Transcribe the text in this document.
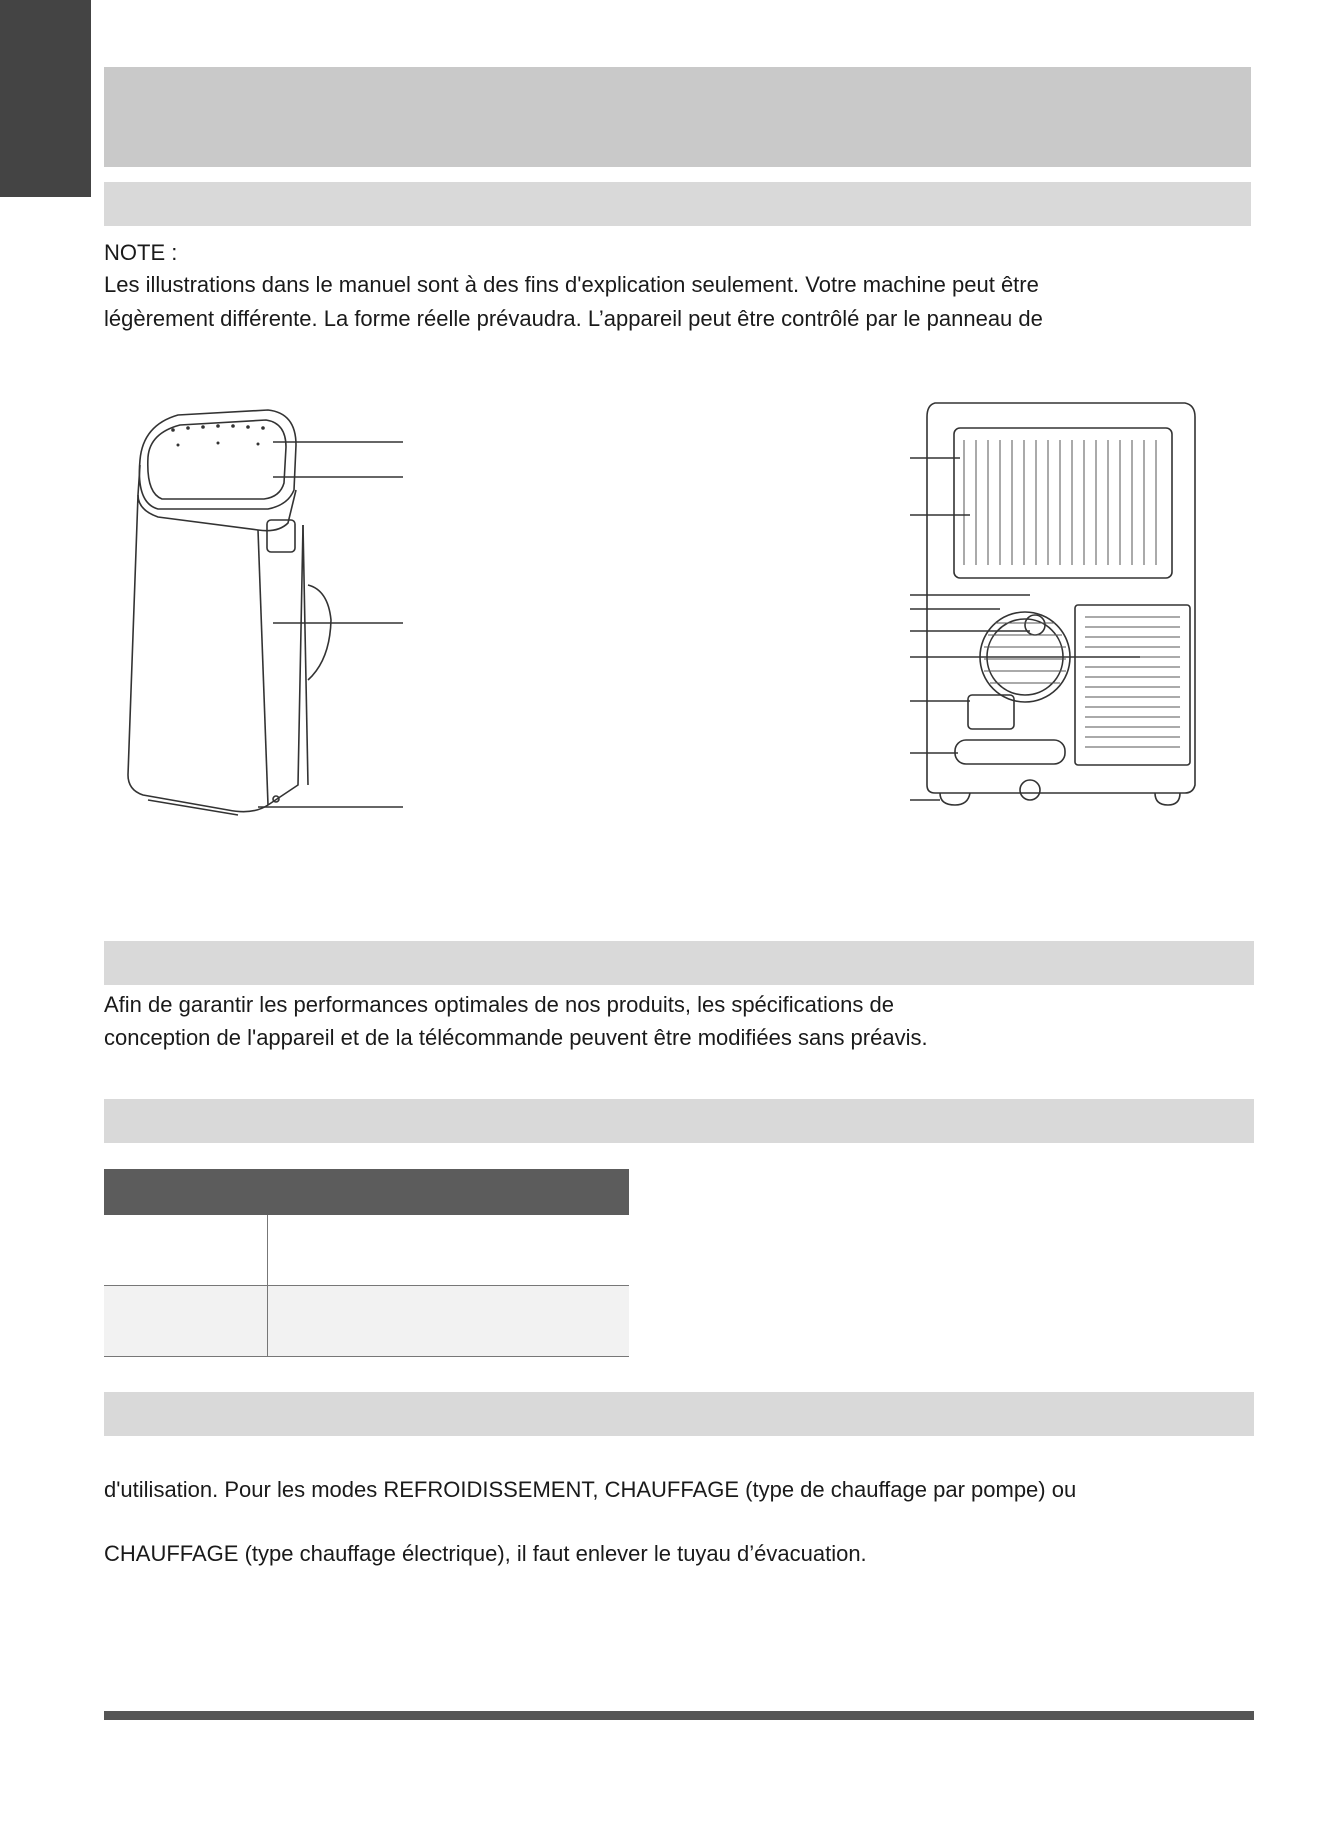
NOTE :
Les illustrations dans le manuel sont à des fins d'explication seulement. Votre machine peut être
légèrement différente. La forme réelle prévaudra. L’appareil peut être contrôlé par le panneau de
Afin de garantir les performances optimales de nos produits, les spécifications de
conception de l'appareil et de la télécommande peuvent être modifiées sans préavis.
d'utilisation. Pour les modes REFROIDISSEMENT, CHAUFFAGE (type de chauffage par pompe) ou
CHAUFFAGE (type chauffage électrique), il faut enlever le tuyau d’évacuation.
